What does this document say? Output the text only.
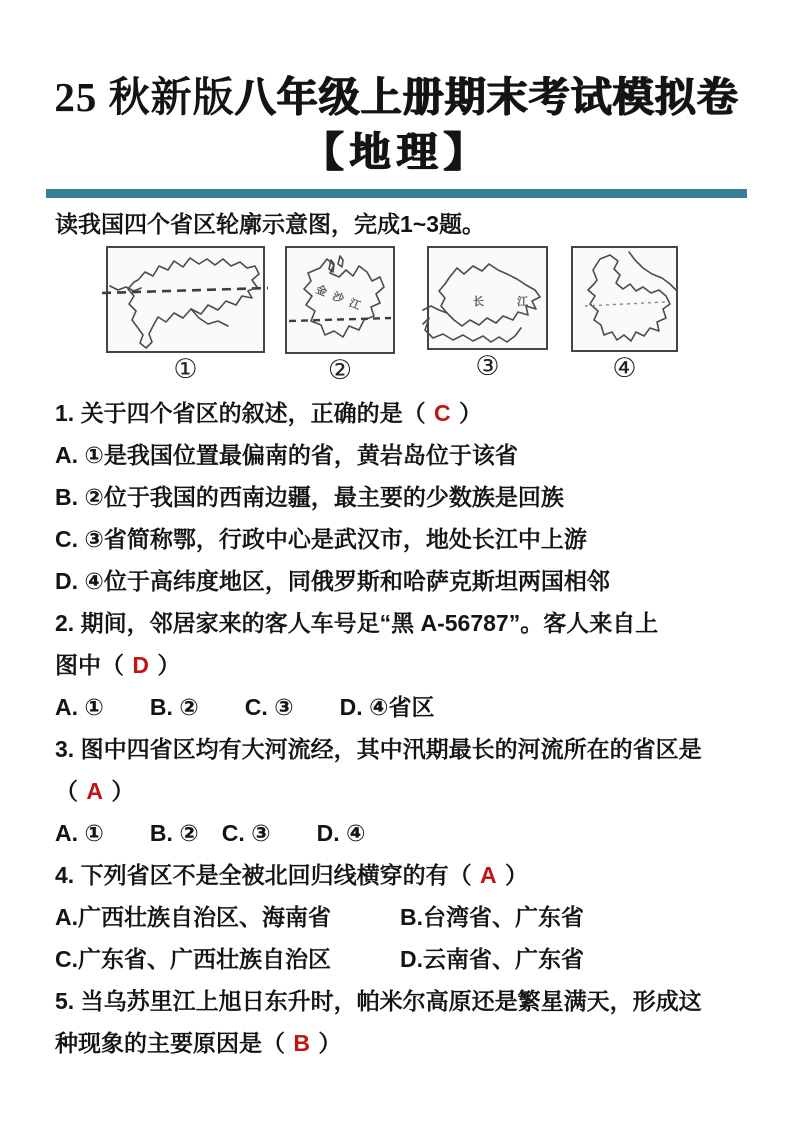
25 秋新版八年级上册期末考试模拟卷
【地理】
读我国四个省区轮廓示意图，完成1~3题。
①
金沙江
②
长 江
③	④
1. 关于四个省区的叙述，正确的是（ C ）
A. ①是我国位置最偏南的省，黄岩岛位于该省
B. ②位于我国的西南边疆，最主要的少数族是回族
C. ③省简称鄂，行政中心是武汉市，地处长江中上游
D. ④位于高纬度地区，同俄罗斯和哈萨克斯坦两国相邻
2. 期间，邻居家来的客人车号足“黑 A-56787”。客人来自上
图中（ D ）
A. ①　　B. ②　　C. ③　　D. ④省区
3. 图中四省区均有大河流经，其中汛期最长的河流所在的省区是
（ A ）
A. ①　　B. ②　C. ③　　D. ④
4. 下列省区不是全被北回归线横穿的有（ A ）
A.广西壮族自治区、海南省　　　B.台湾省、广东省
C.广东省、广西壮族自治区　　　D.云南省、广东省
5. 当乌苏里江上旭日东升时，帕米尔高原还是繁星满天，形成这
种现象的主要原因是（ B ）
